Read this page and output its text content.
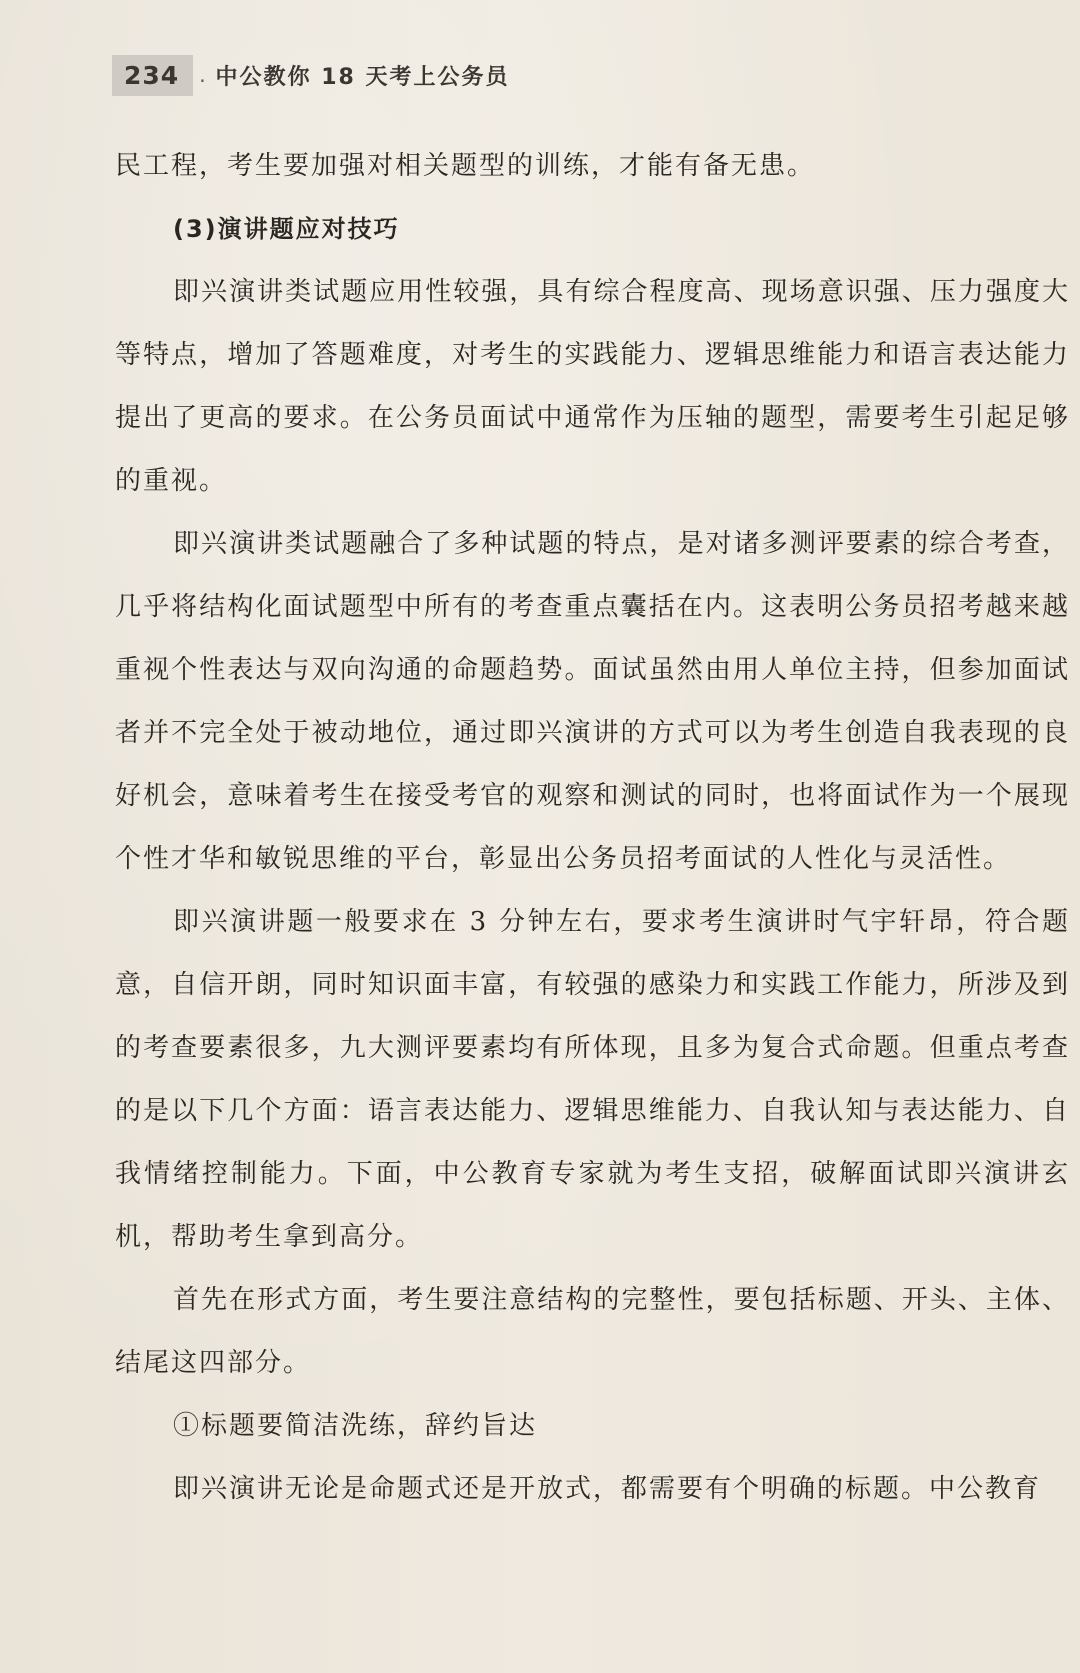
234	. 中公教你 18 天考上公务员

民工程，考生要加强对相关题型的训练，才能有备无患。

(3)演讲题应对技巧

即兴演讲类试题应用性较强，具有综合程度高、现场意识强、压力强度大等特点，增加了答题难度，对考生的实践能力、逻辑思维能力和语言表达能力提出了更高的要求。在公务员面试中通常作为压轴的题型，需要考生引起足够的重视。

即兴演讲类试题融合了多种试题的特点，是对诸多测评要素的综合考查，几乎将结构化面试题型中所有的考查重点囊括在内。这表明公务员招考越来越重视个性表达与双向沟通的命题趋势。面试虽然由用人单位主持，但参加面试者并不完全处于被动地位，通过即兴演讲的方式可以为考生创造自我表现的良好机会，意味着考生在接受考官的观察和测试的同时，也将面试作为一个展现个性才华和敏锐思维的平台，彰显出公务员招考面试的人性化与灵活性。

即兴演讲题一般要求在 3 分钟左右，要求考生演讲时气宇轩昂，符合题意，自信开朗，同时知识面丰富，有较强的感染力和实践工作能力，所涉及到的考查要素很多，九大测评要素均有所体现，且多为复合式命题。但重点考查的是以下几个方面：语言表达能力、逻辑思维能力、自我认知与表达能力、自我情绪控制能力。下面，中公教育专家就为考生支招，破解面试即兴演讲玄机，帮助考生拿到高分。

首先在形式方面，考生要注意结构的完整性，要包括标题、开头、主体、结尾这四部分。

①标题要简洁洗练，辞约旨达

即兴演讲无论是命题式还是开放式，都需要有个明确的标题。中公教育
